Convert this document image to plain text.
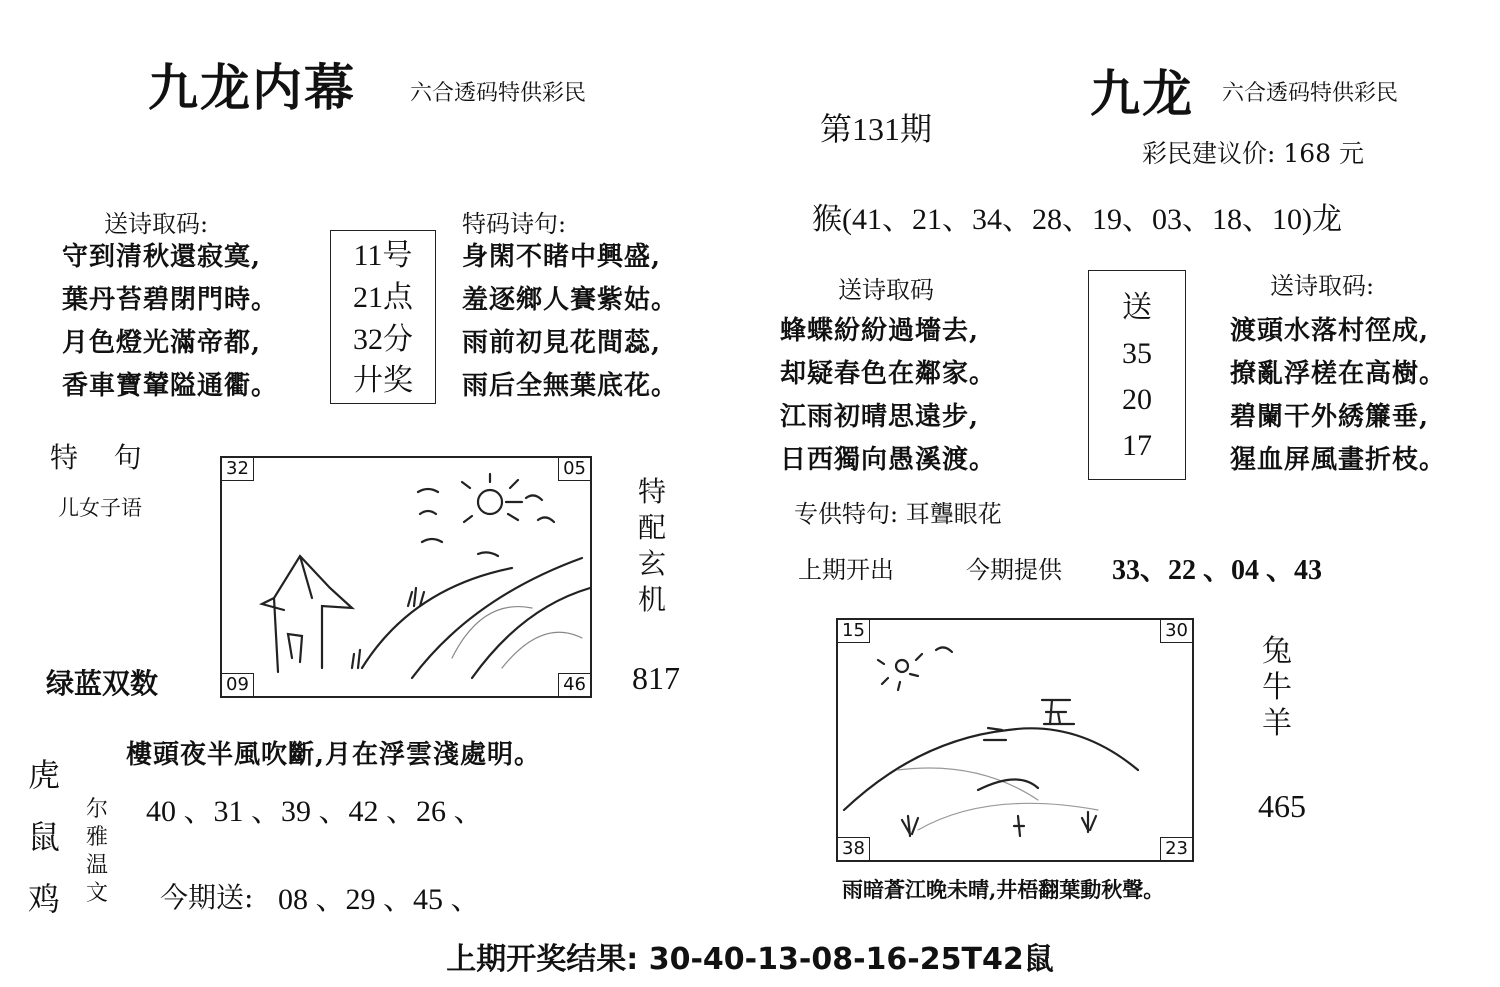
九龙内幕 六合透码特供彩民
送诗取码:
守到清秋還寂寞,
葉丹苔碧閉門時。
月色燈光滿帝都,
香車寶輦隘通衢。
11号
21点
32分
廾奖
特码诗句:
身閑不睹中興盛,
羞逐鄉人賽紫姑。
雨前初見花間蕊,
雨后全無葉底花。
特    句
儿女子语
绿蓝双数
32	05
09	46
特
配
玄
机
817
虎
鼠
鸡
樓頭夜半風吹斷,月在浮雲淺處明。
尔
雅
温
文
40 、31 、39 、42 、26 、
今期送: 08 、29 、45 、
第131期
九龙 六合透码特供彩民
彩民建议价: 168 元
猴(41、21、34、28、19、03、18、10)龙
送诗取码
蜂蝶紛紛過墻去,
却疑春色在鄰家。
江雨初晴思遠步,
日西獨向愚溪渡。
送
35
20
17
送诗取码:
渡頭水落村徑成,
撩亂浮槎在高樹。
碧闌干外綉簾垂,
猩血屏風畫折枝。
专供特句: 耳聾眼花
上期开出	今期提供 33、22 、04 、43
15	30
38	23
兔
牛
羊
465
雨暗蒼江晚未晴,井梧翻葉動秋聲。
上期开奖结果: 30-40-13-08-16-25T42鼠
